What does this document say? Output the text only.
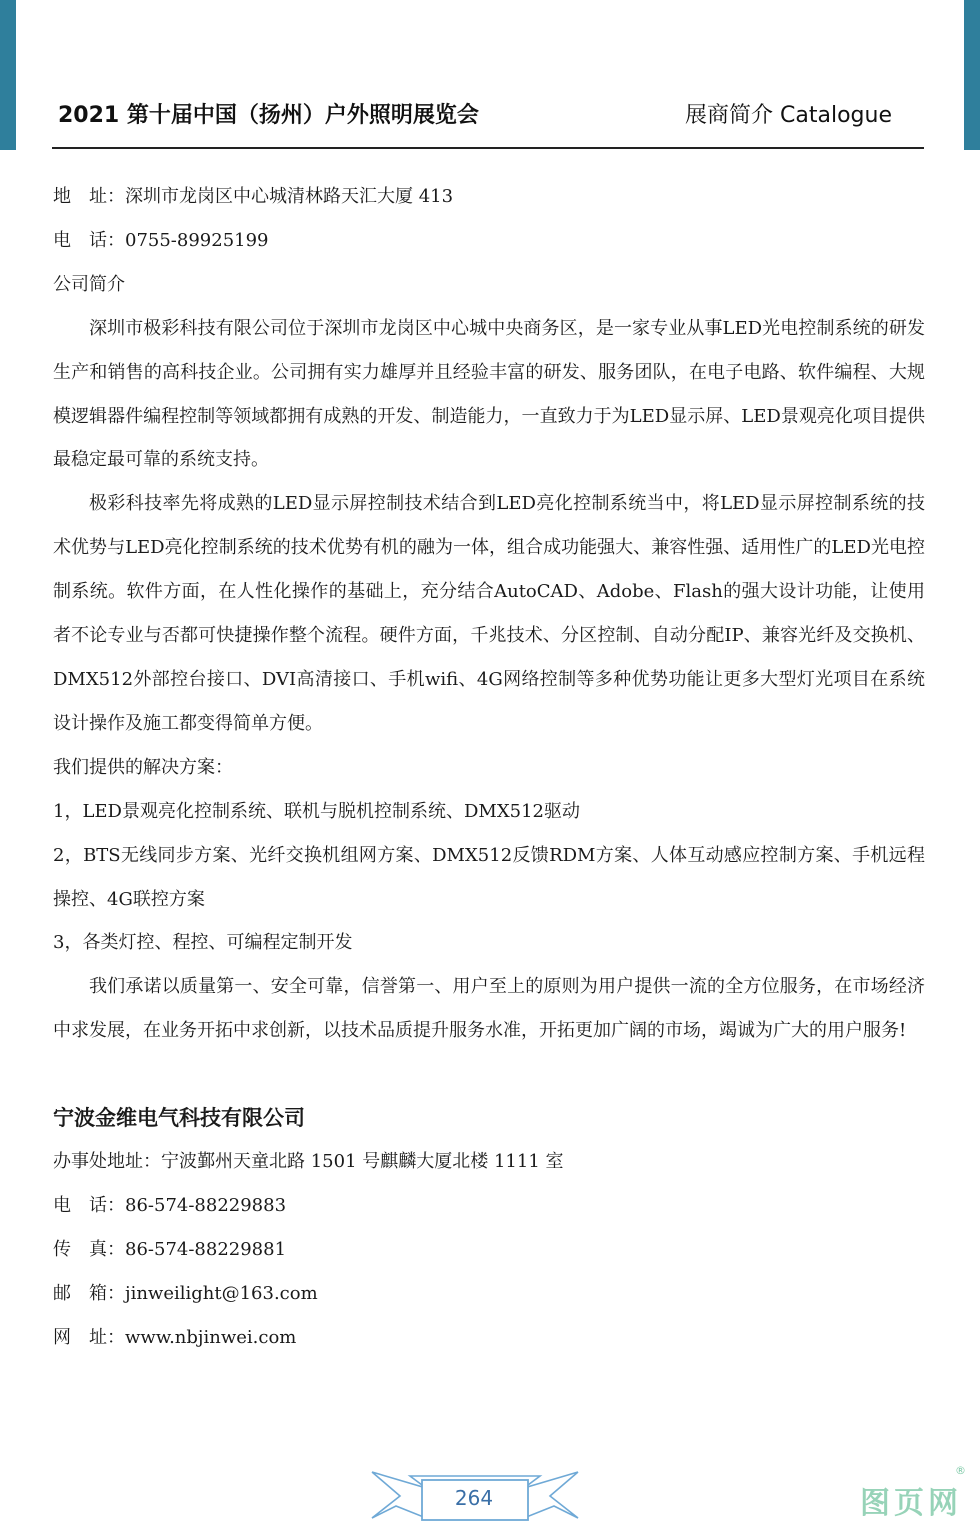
2021 第十届中国（扬州）户外照明展览会	展商简介 Catalogue

地　址：深圳市龙岗区中心城清林路天汇大厦 413

电　话：0755-89925199

公司简介

深圳市极彩科技有限公司位于深圳市龙岗区中心城中央商务区，是一家专业从事LED光电控制系统的研发生产和销售的高科技企业。公司拥有实力雄厚并且经验丰富的研发、服务团队，在电子电路、软件编程、大规模逻辑器件编程控制等领域都拥有成熟的开发、制造能力，一直致力于为LED显示屏、LED景观亮化项目提供最稳定最可靠的系统支持。

极彩科技率先将成熟的LED显示屏控制技术结合到LED亮化控制系统当中，将LED显示屏控制系统的技术优势与LED亮化控制系统的技术优势有机的融为一体，组合成功能强大、兼容性强、适用性广的LED光电控制系统。软件方面，在人性化操作的基础上，充分结合AutoCAD、Adobe、Flash的强大设计功能，让使用者不论专业与否都可快捷操作整个流程。硬件方面，千兆技术、分区控制、自动分配IP、兼容光纤及交换机、DMX512外部控台接口、DVI高清接口、手机wifi、4G网络控制等多种优势功能让更多大型灯光项目在系统设计操作及施工都变得简单方便。

我们提供的解决方案：

1，LED景观亮化控制系统、联机与脱机控制系统、DMX512驱动

2，BTS无线同步方案、光纤交换机组网方案、DMX512反馈RDM方案、人体互动感应控制方案、手机远程操控、4G联控方案

3，各类灯控、程控、可编程定制开发

我们承诺以质量第一、安全可靠，信誉第一、用户至上的原则为用户提供一流的全方位服务，在市场经济中求发展，在业务开拓中求创新，以技术品质提升服务水准，开拓更加广阔的市场，竭诚为广大的用户服务!

宁波金维电气科技有限公司

办事处地址：宁波鄞州天童北路 1501 号麒麟大厦北楼 1111 室

电　话：86-574-88229883

传　真：86-574-88229881

邮　箱：jinweilight@163.com

网　址：www.nbjinwei.com

264
®
图页网
